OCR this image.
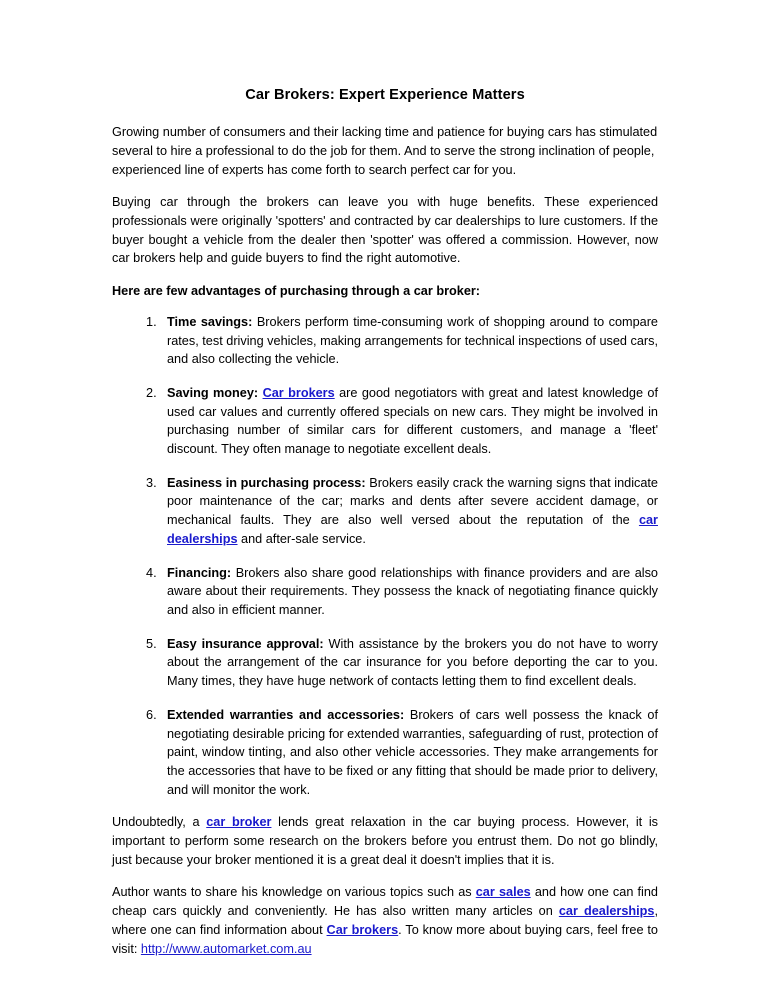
Car Brokers: Expert Experience Matters

Growing number of consumers and their lacking time and patience for buying cars has stimulated several to hire a professional to do the job for them. And to serve the strong inclination of people, experienced line of experts has come forth to search perfect car for you.

Buying car through the brokers can leave you with huge benefits. These experienced professionals were originally 'spotters' and contracted by car dealerships to lure customers. If the buyer bought a vehicle from the dealer then 'spotter' was offered a commission. However, now car brokers help and guide buyers to find the right automotive.

Here are few advantages of purchasing through a car broker:

Time savings: Brokers perform time-consuming work of shopping around to compare rates, test driving vehicles, making arrangements for technical inspections of used cars, and also collecting the vehicle.
Saving money: Car brokers are good negotiators with great and latest knowledge of used car values and currently offered specials on new cars. They might be involved in purchasing number of similar cars for different customers, and manage a 'fleet' discount. They often manage to negotiate excellent deals.
Easiness in purchasing process: Brokers easily crack the warning signs that indicate poor maintenance of the car; marks and dents after severe accident damage, or mechanical faults. They are also well versed about the reputation of the car dealerships and after-sale service.
Financing: Brokers also share good relationships with finance providers and are also aware about their requirements. They possess the knack of negotiating finance quickly and also in efficient manner.
Easy insurance approval: With assistance by the brokers you do not have to worry about the arrangement of the car insurance for you before deporting the car to you. Many times, they have huge network of contacts letting them to find excellent deals.
Extended warranties and accessories: Brokers of cars well possess the knack of negotiating desirable pricing for extended warranties, safeguarding of rust, protection of paint, window tinting, and also other vehicle accessories. They make arrangements for the accessories that have to be fixed or any fitting that should be made prior to delivery, and will monitor the work.

Undoubtedly, a car broker lends great relaxation in the car buying process. However, it is important to perform some research on the brokers before you entrust them. Do not go blindly, just because your broker mentioned it is a great deal it doesn't implies that it is.

Author wants to share his knowledge on various topics such as car sales and how one can find cheap cars quickly and conveniently. He has also written many articles on car dealerships, where one can find information about Car brokers. To know more about buying cars, feel free to visit: http://www.automarket.com.au
